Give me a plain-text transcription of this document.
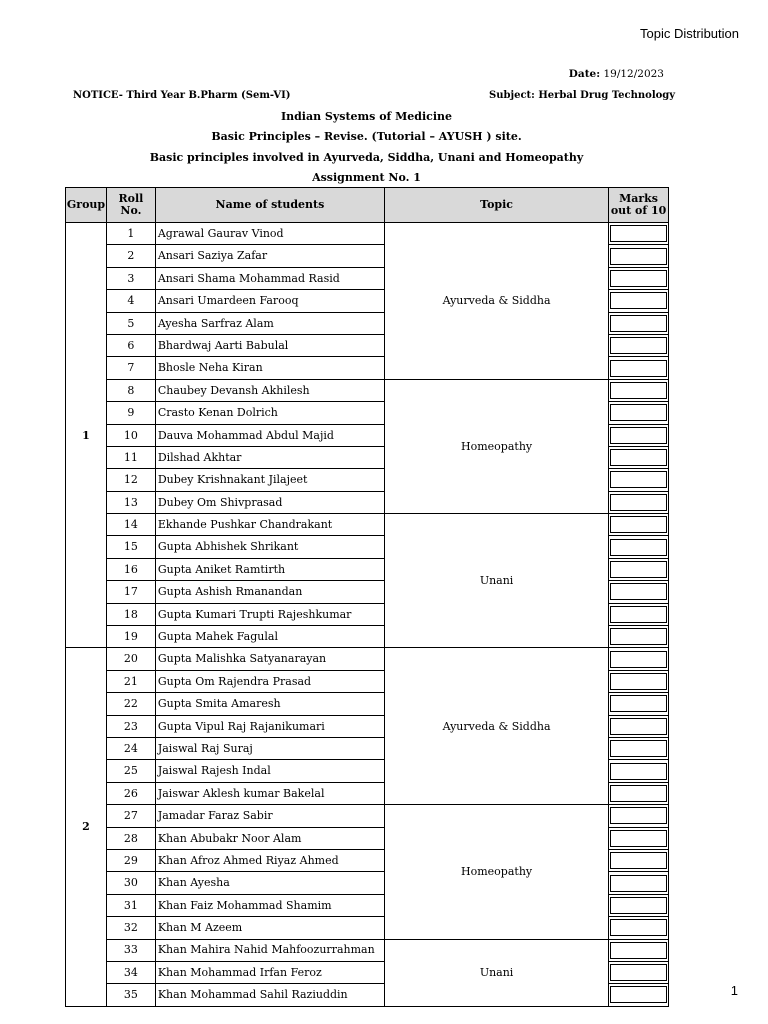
Topic Distribution
Date: 19/12/2023
NOTICE- Third Year B.Pharm (Sem-VI)	Subject: Herbal Drug Technology
Indian Systems of Medicine
Basic Principles – Revise. (Tutorial – AYUSH ) site.
Basic principles involved in Ayurveda, Siddha, Unani and Homeopathy
Assignment No. 1
Group	Roll No.	Name of students	Topic	Marks
out of 10

1	1	Agrawal Gaurav Vinod	Ayurveda & Siddha	

	2	Ansari Saziya Zafar		

	3	Ansari Shama Mohammad Rasid		

	4	Ansari Umardeen Farooq		

	5	Ayesha Sarfraz Alam		

	6	Bhardwaj Aarti Babulal		

	7	Bhosle Neha Kiran		

	8	Chaubey Devansh Akhilesh	Homeopathy	

	9	Crasto Kenan Dolrich		

	10	Dauva Mohammad Abdul Majid		

	11	Dilshad Akhtar		

	12	Dubey Krishnakant Jilajeet		

	13	Dubey Om Shivprasad		

	14	Ekhande Pushkar Chandrakant	Unani	

	15	Gupta Abhishek Shrikant		

	16	Gupta Aniket Ramtirth		

	17	Gupta Ashish Rmanandan		

	18	Gupta Kumari Trupti Rajeshkumar		

	19	Gupta Mahek Fagulal		

2	20	Gupta Malishka Satyanarayan	Ayurveda & Siddha	

	21	Gupta Om Rajendra Prasad		

	22	Gupta Smita Amaresh		

	23	Gupta Vipul Raj Rajanikumari		

	24	Jaiswal Raj Suraj		

	25	Jaiswal Rajesh Indal		

	26	Jaiswar Aklesh kumar Bakelal		

	27	Jamadar Faraz Sabir	Homeopathy	

	28	Khan Abubakr Noor Alam		

	29	Khan Afroz Ahmed Riyaz Ahmed		

	30	Khan Ayesha		

	31	Khan Faiz Mohammad Shamim		

	32	Khan M Azeem		

	33	Khan Mahira Nahid Mahfoozurrahman	Unani	

	34	Khan Mohammad Irfan Feroz		

	35	Khan Mohammad Sahil Raziuddin			1
